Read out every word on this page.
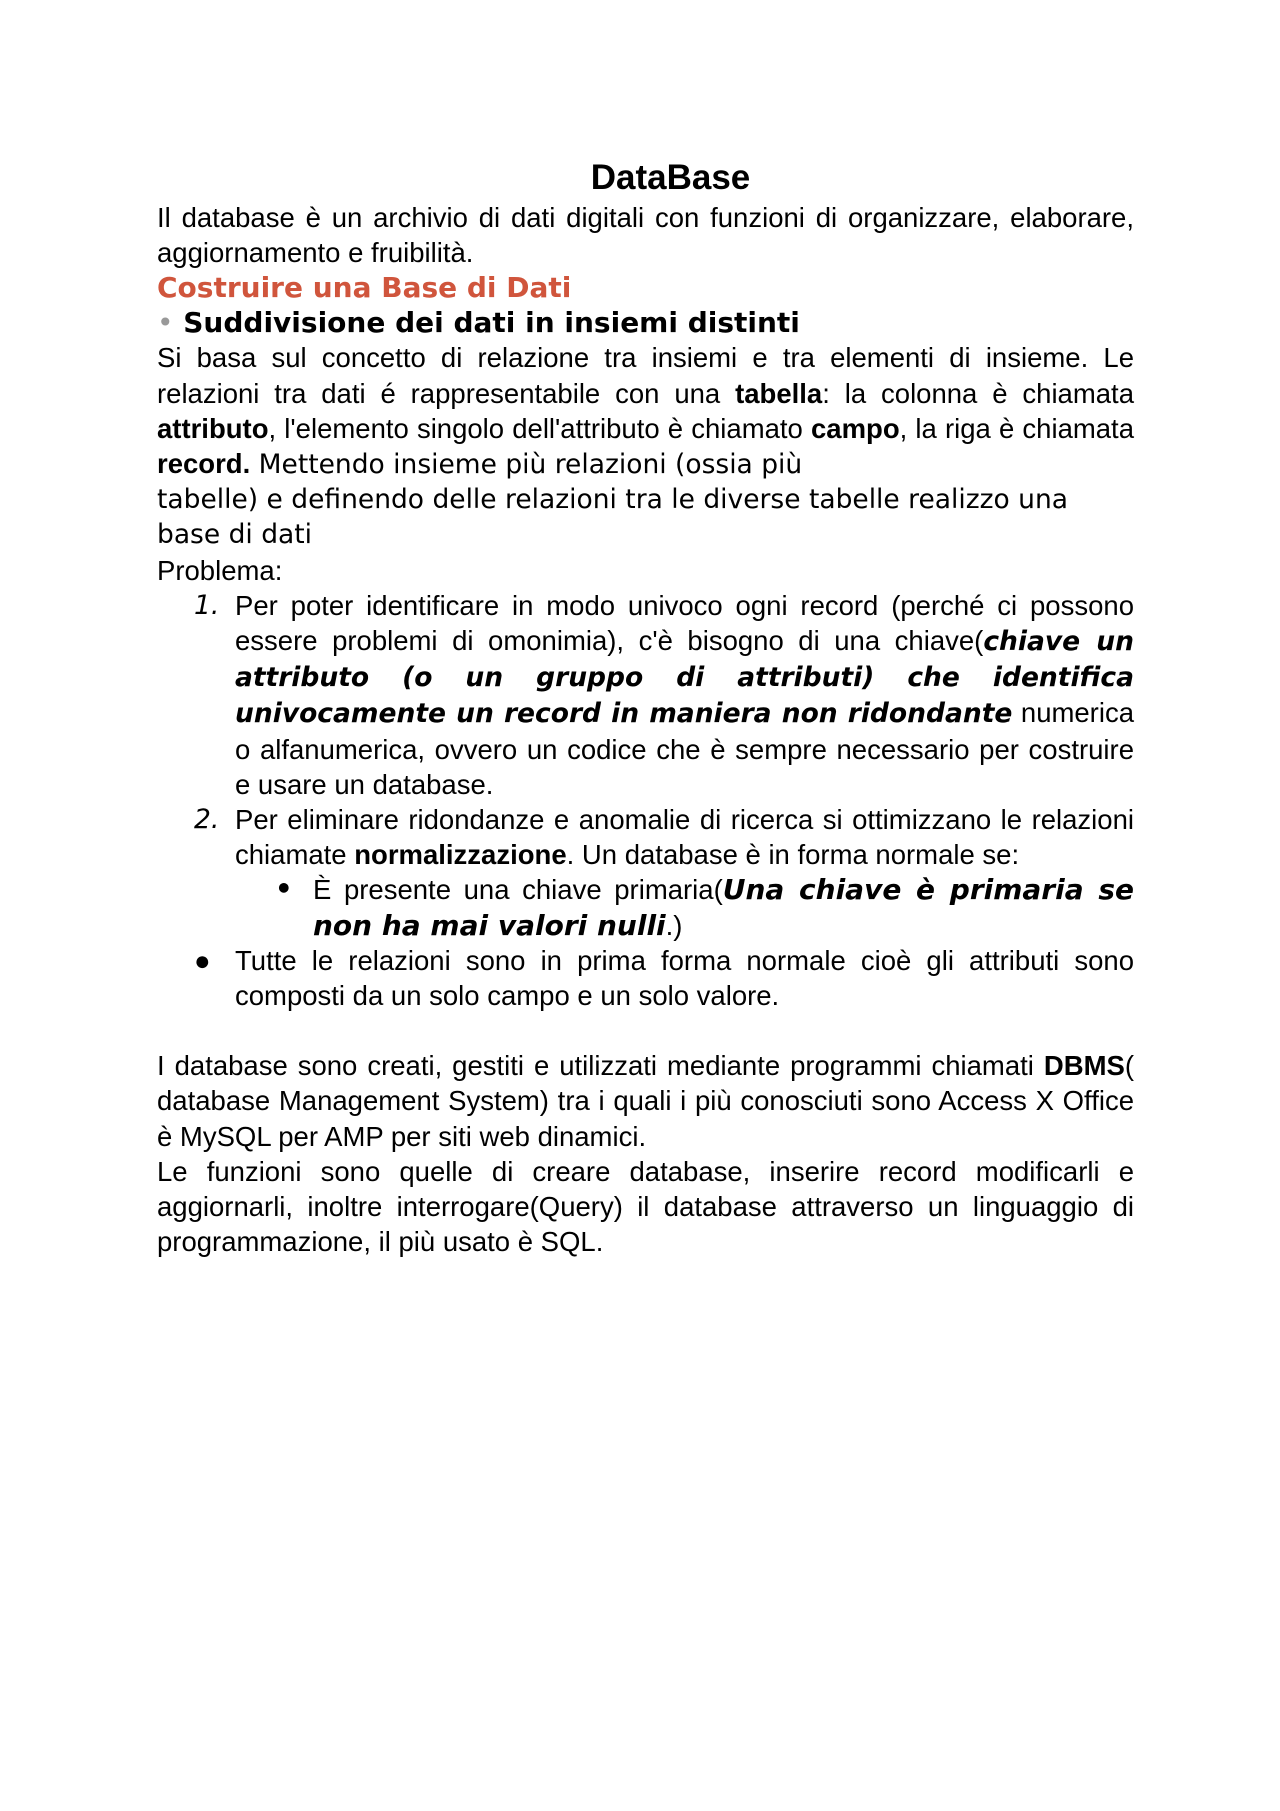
DataBase

Il database è un archivio di dati digitali con funzioni di organizzare, elaborare, aggiornamento e fruibilità.

Costruire una Base di Dati
• Suddivisione dei dati in insiemi distinti

Si basa sul concetto di relazione tra insiemi e tra elementi di insieme. Le relazioni tra dati é rappresentabile con una tabella: la colonna è chiamata attributo, l'elemento singolo dell'attributo è chiamato campo, la riga è chiamata record. Mettendo insieme più relazioni (ossia più

tabelle) e definendo delle relazioni tra le diverse tabelle realizzo una base di dati

Problema:

1. Per poter identificare in modo univoco ogni record (perché ci possono essere problemi di omonimia), c'è bisogno di una chiave(chiave un attributo (o un gruppo di attributi) che identifica univocamente un record in maniera non ridondante numerica o alfanumerica, ovvero un codice che è sempre necessario per costruire e usare un database.
2. Per eliminare ridondanze e anomalie di ricerca si ottimizzano le relazioni chiamate normalizzazione. Un database è in forma normale se:
• È presente una chiave primaria(Una chiave è primaria se non ha mai valori nulli.)
● Tutte le relazioni sono in prima forma normale cioè gli attributi sono composti da un solo campo e un solo valore.

I database sono creati, gestiti e utilizzati mediante programmi chiamati DBMS( database Management System) tra i quali i più conosciuti sono Access X Office è MySQL per AMP per siti web dinamici.

Le funzioni sono quelle di creare database, inserire record modificarli e aggiornarli, inoltre interrogare(Query) il database attraverso un linguaggio di programmazione, il più usato è SQL.
